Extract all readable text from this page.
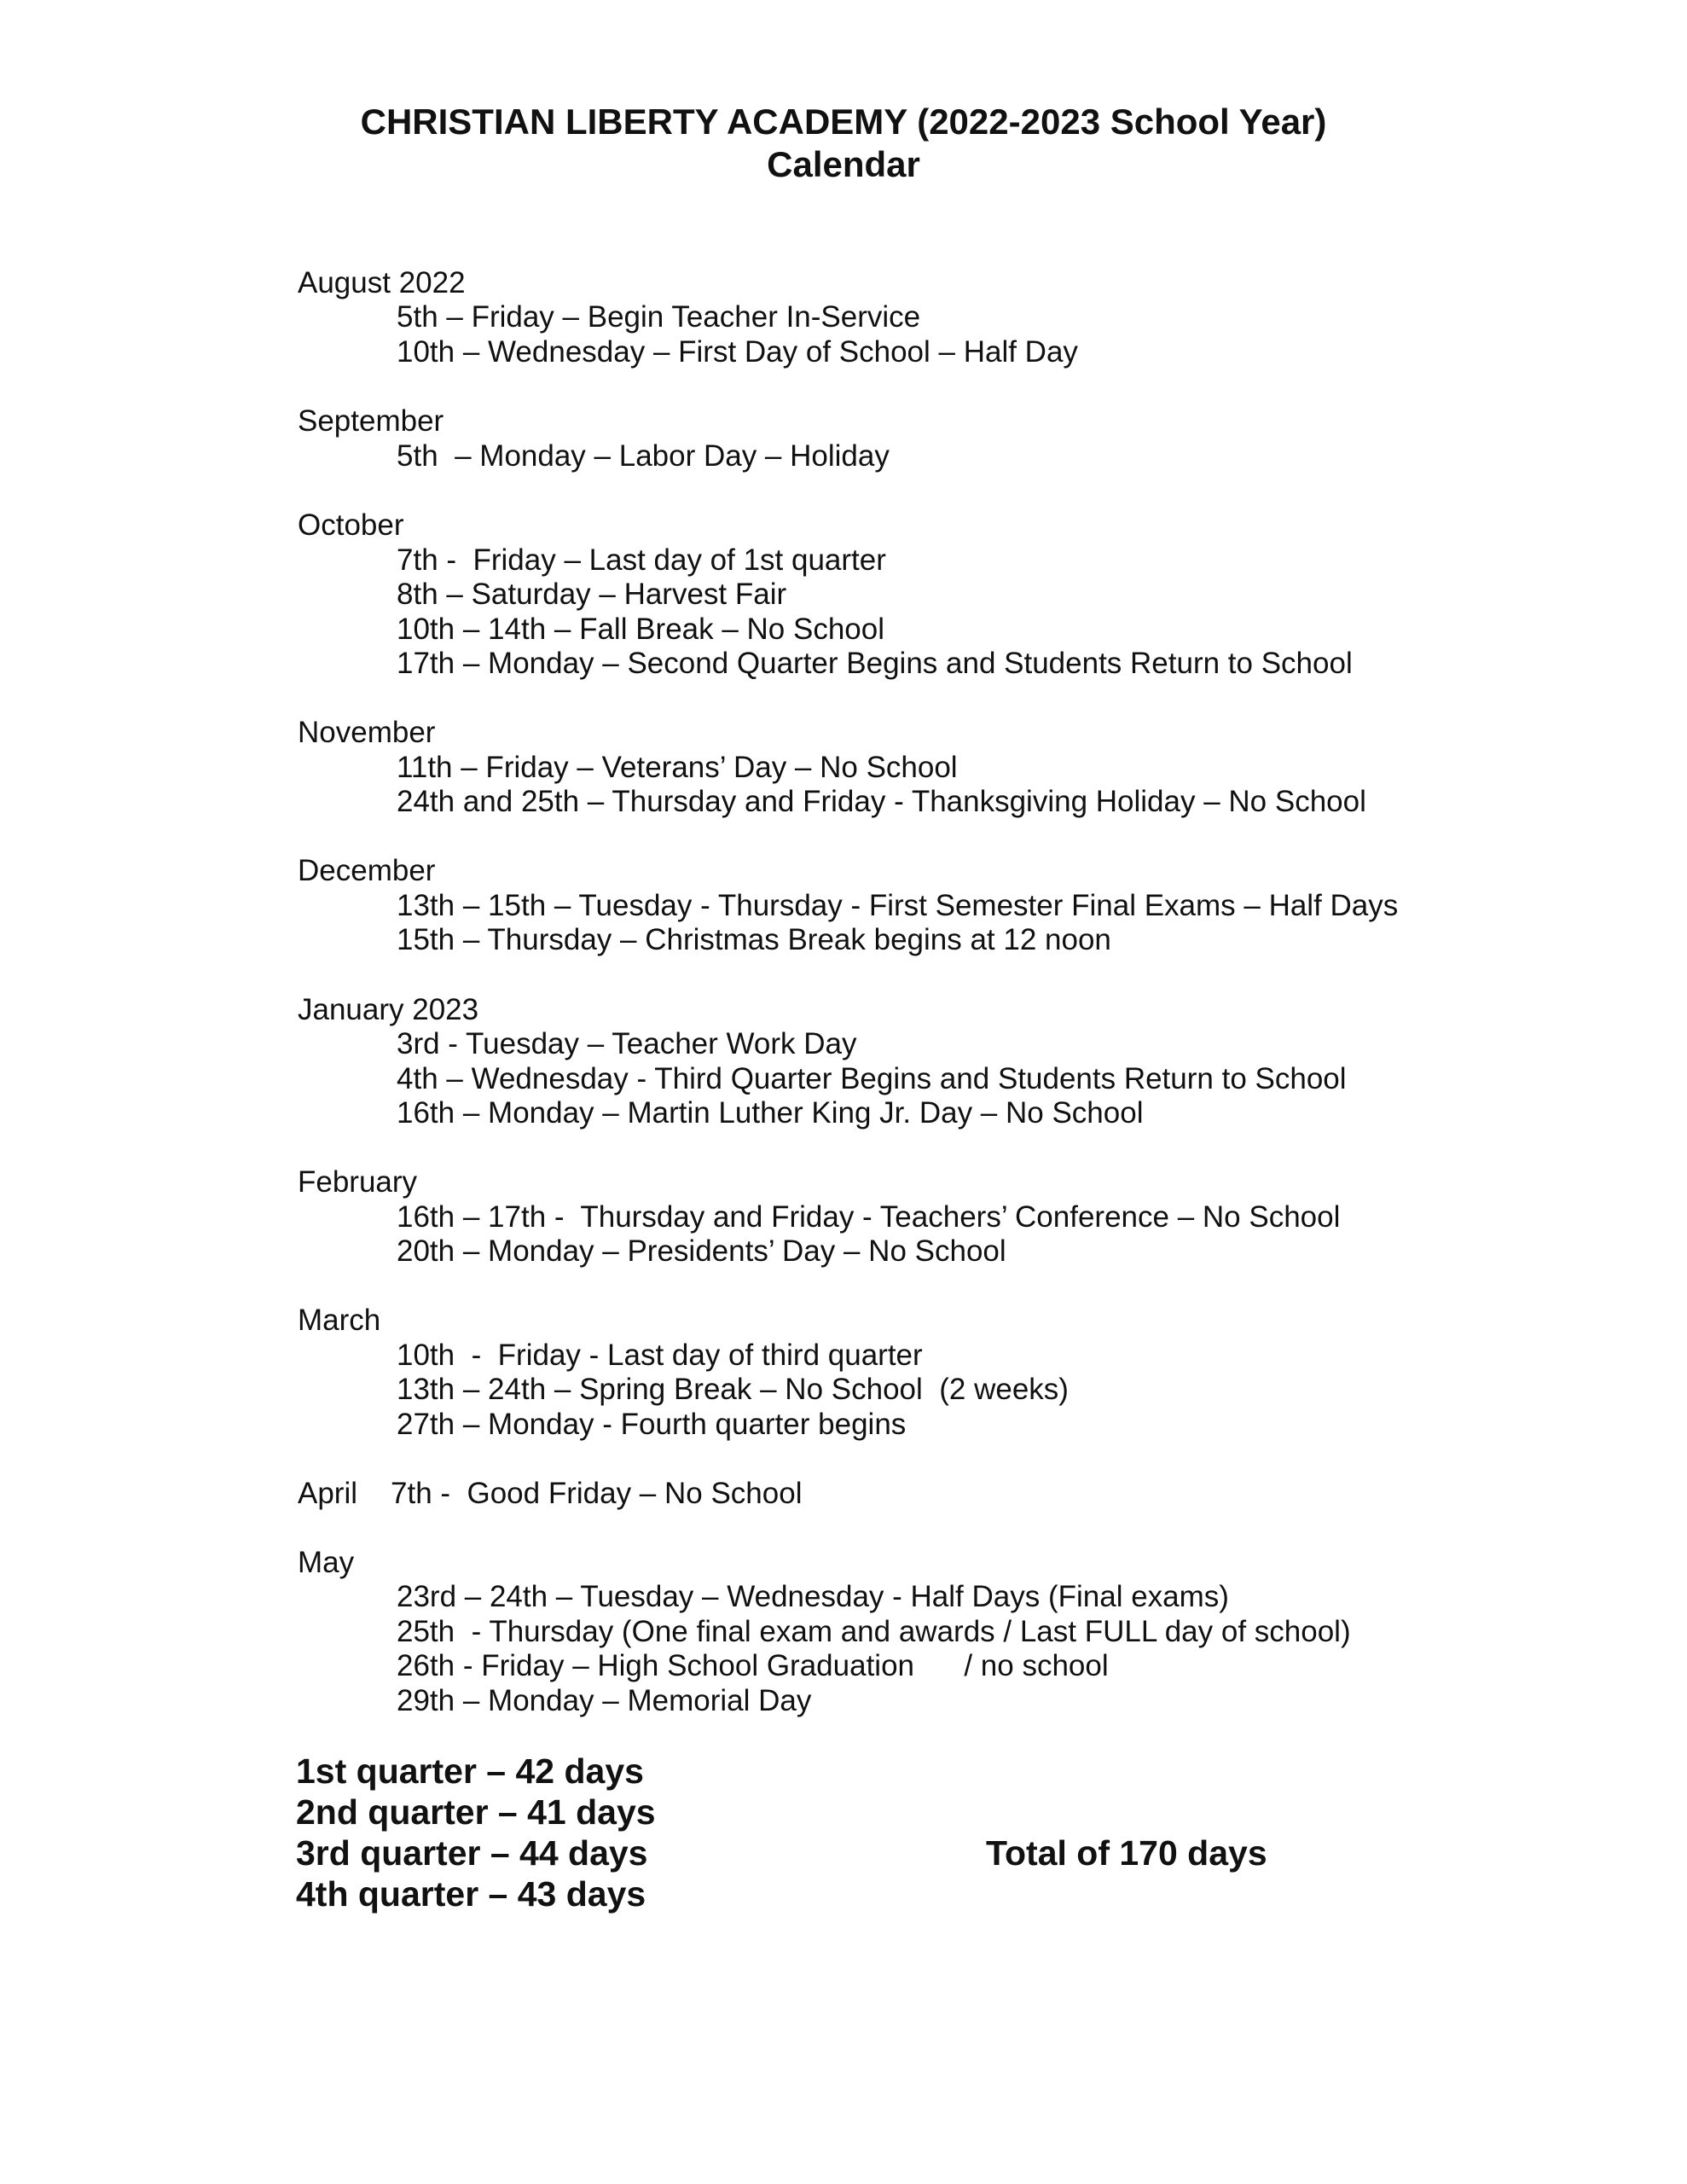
CHRISTIAN LIBERTY ACADEMY (2022-2023 School Year)
Calendar
August 2022
5th – Friday – Begin Teacher In-Service
10th – Wednesday – First Day of School – Half Day
September
5th  – Monday – Labor Day – Holiday
October
7th -  Friday – Last day of 1st quarter
8th – Saturday – Harvest Fair
10th – 14th – Fall Break – No School
17th – Monday – Second Quarter Begins and Students Return to School
November
11th – Friday – Veterans’ Day – No School
24th and 25th – Thursday and Friday - Thanksgiving Holiday – No School
December
13th – 15th – Tuesday - Thursday - First Semester Final Exams – Half Days
15th – Thursday – Christmas Break begins at 12 noon
January 2023
3rd - Tuesday – Teacher Work Day
4th – Wednesday - Third Quarter Begins and Students Return to School
16th – Monday – Martin Luther King Jr. Day – No School
February
16th – 17th -  Thursday and Friday - Teachers’ Conference – No School
20th – Monday – Presidents’ Day – No School
March
10th  -  Friday - Last day of third quarter
13th – 24th – Spring Break – No School  (2 weeks)
27th – Monday - Fourth quarter begins
April 7th -  Good Friday – No School
May
23rd – 24th – Tuesday – Wednesday - Half Days (Final exams)
25th  - Thursday (One final exam and awards / Last FULL day of school)
26th - Friday – High School Graduation      / no school
29th – Monday – Memorial Day
1st quarter – 42 days
2nd quarter – 41 days
3rd quarter – 44 days
4th quarter – 43 days
Total of 170 days
